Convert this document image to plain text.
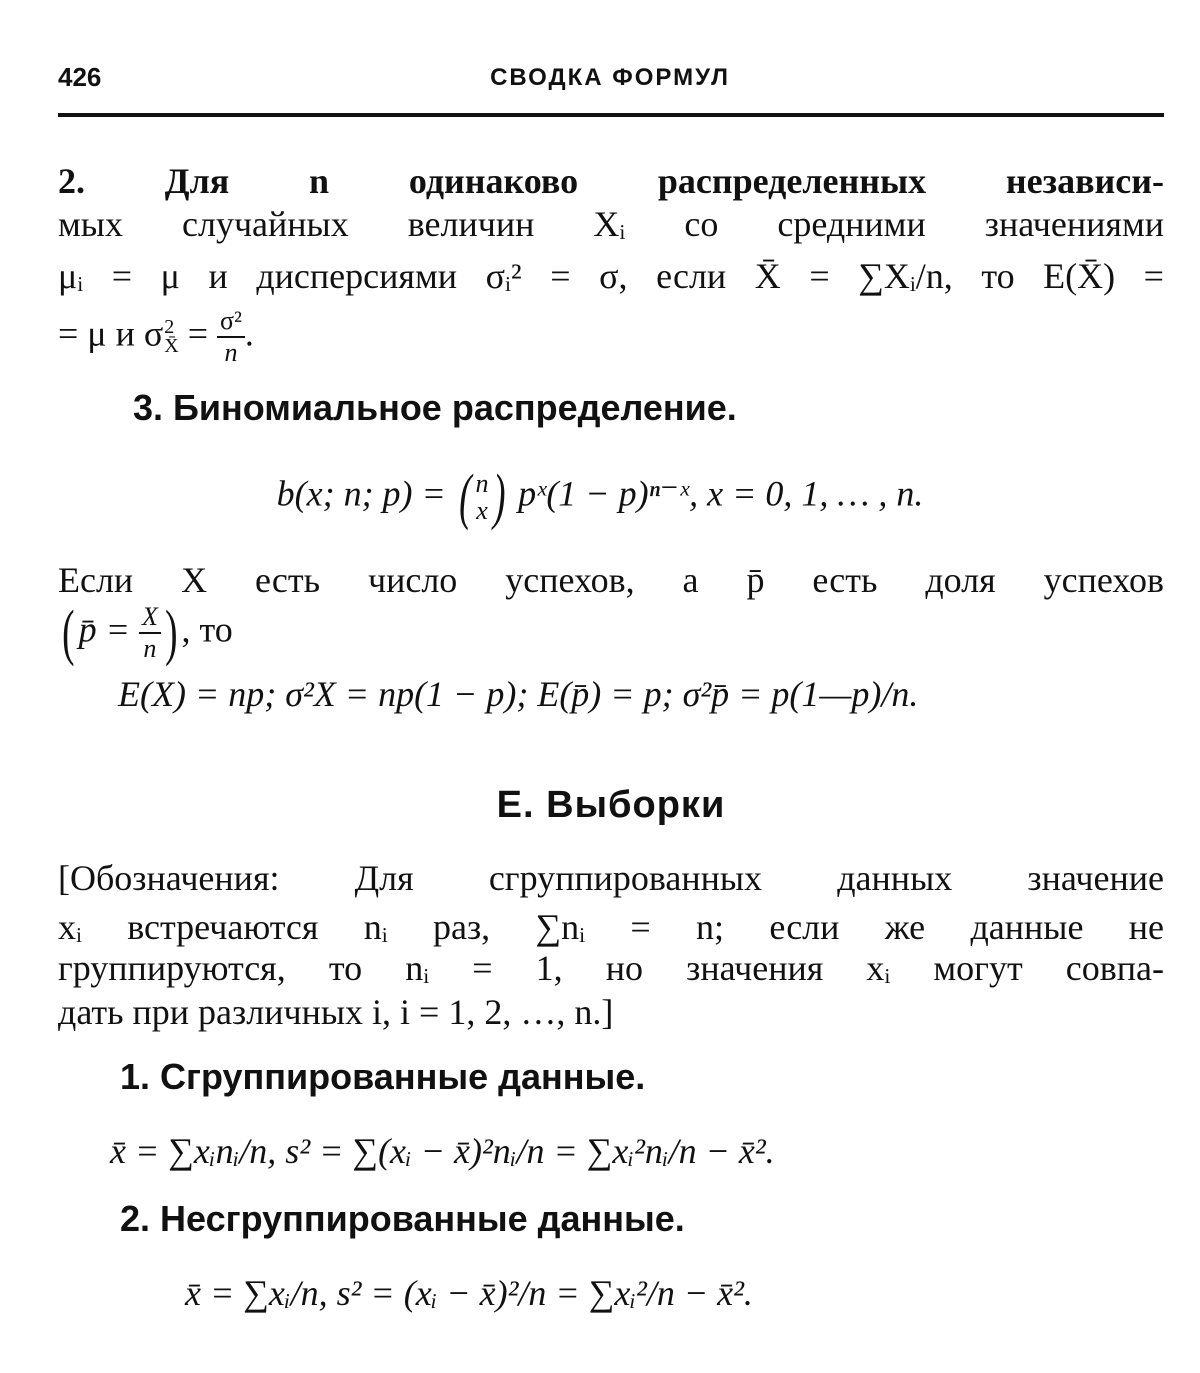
426	СВОДКА ФОРМУЛ
2. Для n одинаково распределенных независи-
мых случайных величин Xᵢ со средними значениями
μᵢ = μ и дисперсиями σᵢ² = σ, если X̄ = ∑Xᵢ/n, то E(X̄) =
= μ и σ 2
X̄ = $\frac{\text{σ²}}{n}$ .
3. Биномиальное распределение.
b(x; n; p) = ( n
x ) pˣ(1 − p)ⁿ⁻ˣ, x = 0, 1, … , n.
Если X есть число успехов, а p̄ есть доля успехов
( p̄ = $\frac{X}{n}$ ) , то
E(X) = np; σ²X = np(1 − p); E(p̄) = p; σ²p̄ = p(1—p)/n.
Е. Выборки
[Обозначения: Для сгруппированных данных значение
xᵢ встречаются nᵢ раз, ∑nᵢ = n; если же данные не
группируются, то nᵢ = 1, но значения xᵢ могут совпа-
дать при различных i, i = 1, 2, …, n.]
1. Сгруппированные данные.
x̄ = ∑xᵢnᵢ/n, s² = ∑(xᵢ − x̄)²nᵢ/n = ∑xᵢ²nᵢ/n − x̄².
2. Несгруппированные данные.
x̄ = ∑xᵢ/n, s² = (xᵢ − x̄)²/n = ∑xᵢ²/n − x̄².
